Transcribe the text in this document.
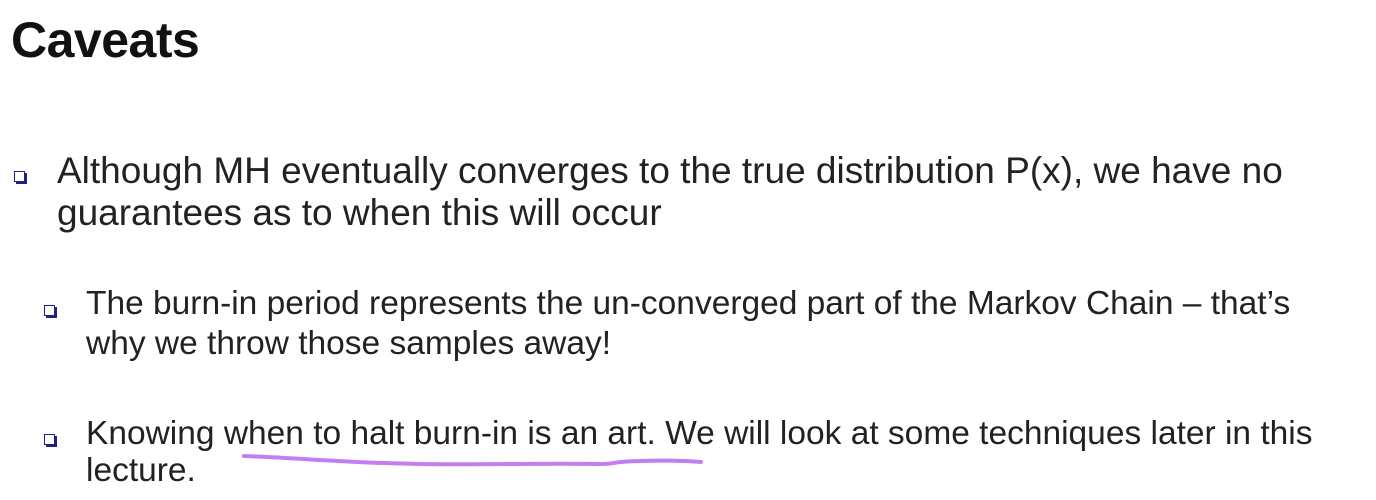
Caveats

Although MH eventually converges to the true distribution P(x), we have no guarantees as to when this will occur

The burn-in period represents the un-converged part of the Markov Chain – that’s why we throw those samples away!

Knowing when to halt burn-in is an art. We will look at some techniques later in this lecture.
